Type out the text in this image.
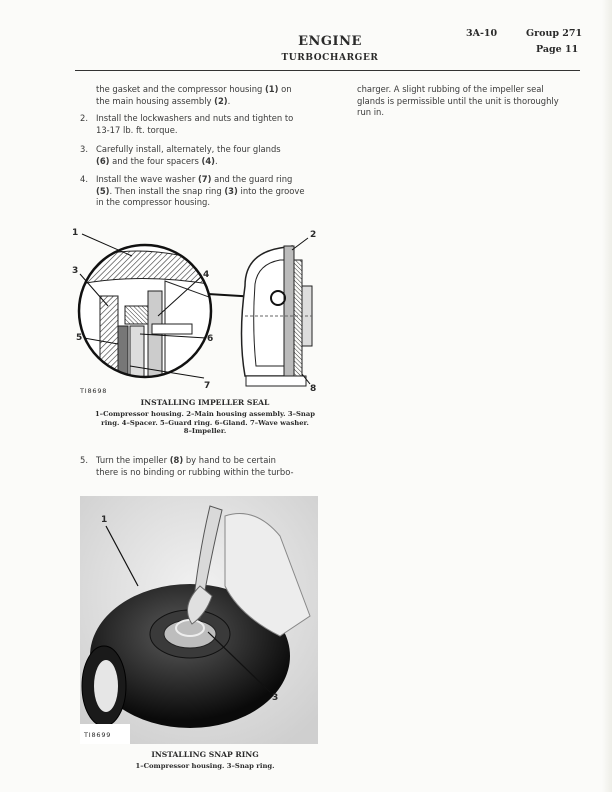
ENGINE
TURBOCHARGER
3A-10	Group 271
Page 11
the gasket and the compressor housing (1) on
the main housing assembly (2).
2. Install the lockwashers and nuts and tighten to
13-17 lb. ft. torque.
3. Carefully install, alternately, the four glands
(6) and the four spacers (4).
4. Install the wave washer (7) and the guard ring
(5). Then install the snap ring (3) into the groove
in the compressor housing.
charger. A slight rubbing of the impeller seal
glands is permissible until the unit is thoroughly
run in.
1	2
3	4
5	6
7	8
TI8698
INSTALLING IMPELLER SEAL
1–Compressor housing. 2–Main housing assembly. 3–Snap
ring. 4–Spacer. 5–Guard ring. 6–Gland. 7–Wave washer.
8–Impeller.
5. Turn the impeller (8) by hand to be certain
there is no binding or rubbing within the turbo-
1
3
TI8699
INSTALLING SNAP RING
1–Compressor housing. 3–Snap ring.
